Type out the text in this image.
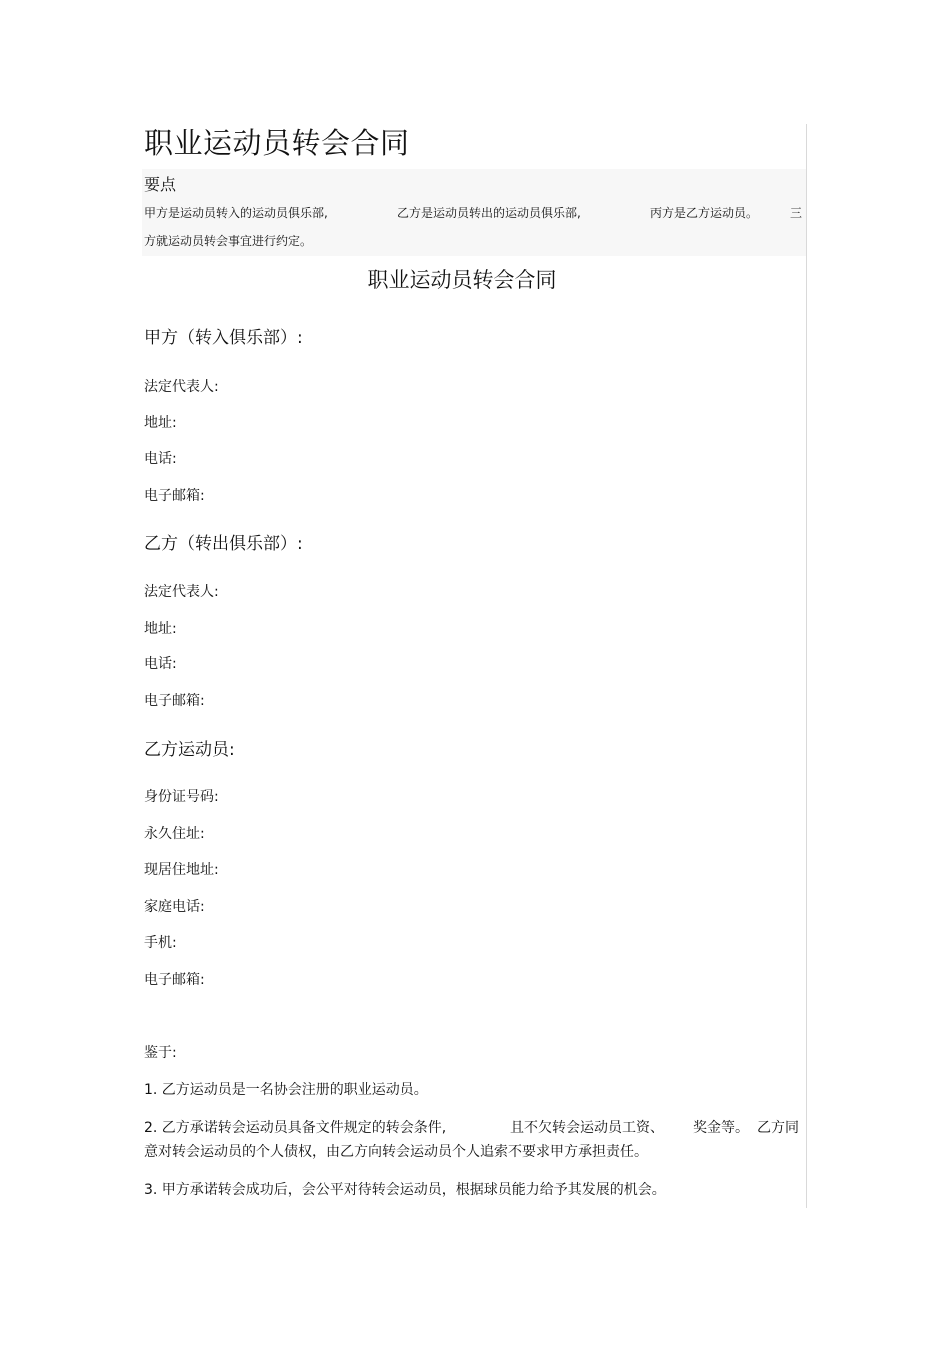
职业运动员转会合同
要点
甲方是运动员转入的运动员俱乐部,	乙方是运动员转出的运动员俱乐部,	丙方是乙方运动员。	三
方就运动员转会事宜进行约定。
职业运动员转会合同
甲方（转入俱乐部）:
法定代表人:
地址:
电话:
电子邮箱:
乙方（转出俱乐部）:
法定代表人:
地址:
电话:
电子邮箱:
乙方运动员:
身份证号码:
永久住址:
现居住地址:
家庭电话:
手机:
电子邮箱:
鉴于:
1. 乙方运动员是一名协会注册的职业运动员。
2. 乙方承诺转会运动员具备文件规定的转会条件,	且不欠转会运动员工资、 奖金等。 乙方同
意对转会运动员的个人债权，由乙方向转会运动员个人追索不要求甲方承担责任。
3. 甲方承诺转会成功后，会公平对待转会运动员，根据球员能力给予其发展的机会。
